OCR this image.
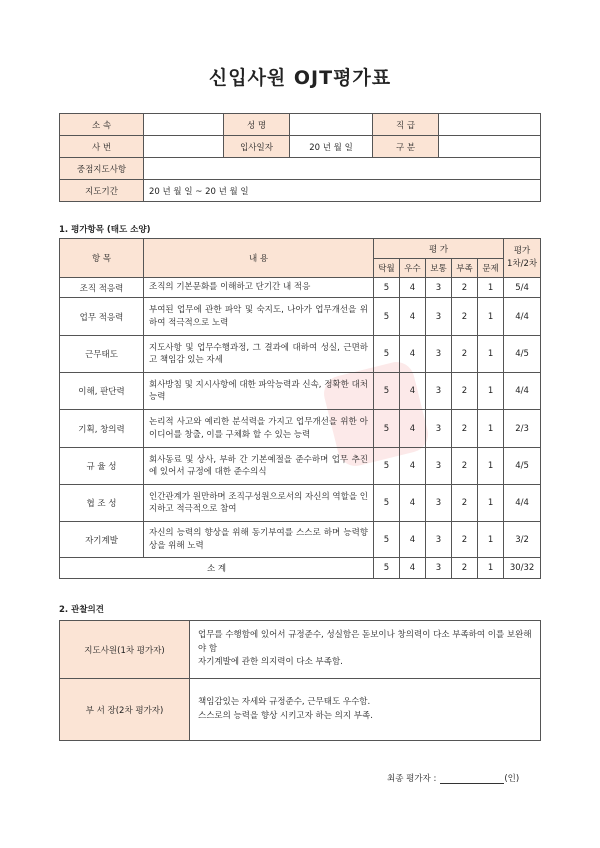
신입사원 OJT평가표
소 속		성 명		직 급	
사 번		입사일자	20 년 월 일	구 분	
중점지도사항					
지도기간	20 년 월 일 ~ 20 년 월 일				
1. 평가항목 (태도 소양)
항 목	내 용	평 가					평가
1차/2차
		탁월	우수	보통	부족	문제	
조직 적응력	조직의 기본문화를 이해하고 단기간 내 적응	5	4	3	2	1	5/4
업무 적응력	부여된 업무에 관한 파악 및 숙지도, 나아가 업무개선을 위하여 적극적으로 노력	5	4	3	2	1	4/4
근무태도	지도사항 및 업무수행과정, 그 결과에 대하여 성실, 근면하고 책임감 있는 자세	5	4	3	2	1	4/5
이해, 판단력	회사방침 및 지시사항에 대한 파악능력과 신속, 정확한 대처능력	5	4	3	2	1	4/4
기획, 창의력	논리적 사고와 예리한 분석력을 가지고 업무개선을 위한 아이디어를 창출, 이를 구체화 할 수 있는 능력	5	4	3	2	1	2/3
규 율 성	회사동료 및 상사, 부하 간 기본예절을 준수하며 업무 추진에 있어서 규정에 대한 준수의식	5	4	3	2	1	4/5
협 조 성	인간관계가 원만하며 조직구성원으로서의 자신의 역할을 인지하고 적극적으로 참여	5	4	3	2	1	4/4
자기계발	자신의 능력의 향상을 위해 동기부여를 스스로 하며 능력향상을 위해 노력	5	4	3	2	1	3/2
소 계		5	4	3	2	1	30/32
2. 관찰의견
지도사원(1차 평가자)	업무를 수행함에 있어서 규정준수, 성실함은 돋보이나 창의력이 다소 부족하여 이를 보완해야 함
자기계발에 관한 의지력이 다소 부족함.

부 서 장(2차 평가자)	책임감있는 자세와 규정준수, 근무태도 우수함.
스스로의 능력을 향상 시키고자 하는 의지 부족.
최종 평가자 :	(인)
